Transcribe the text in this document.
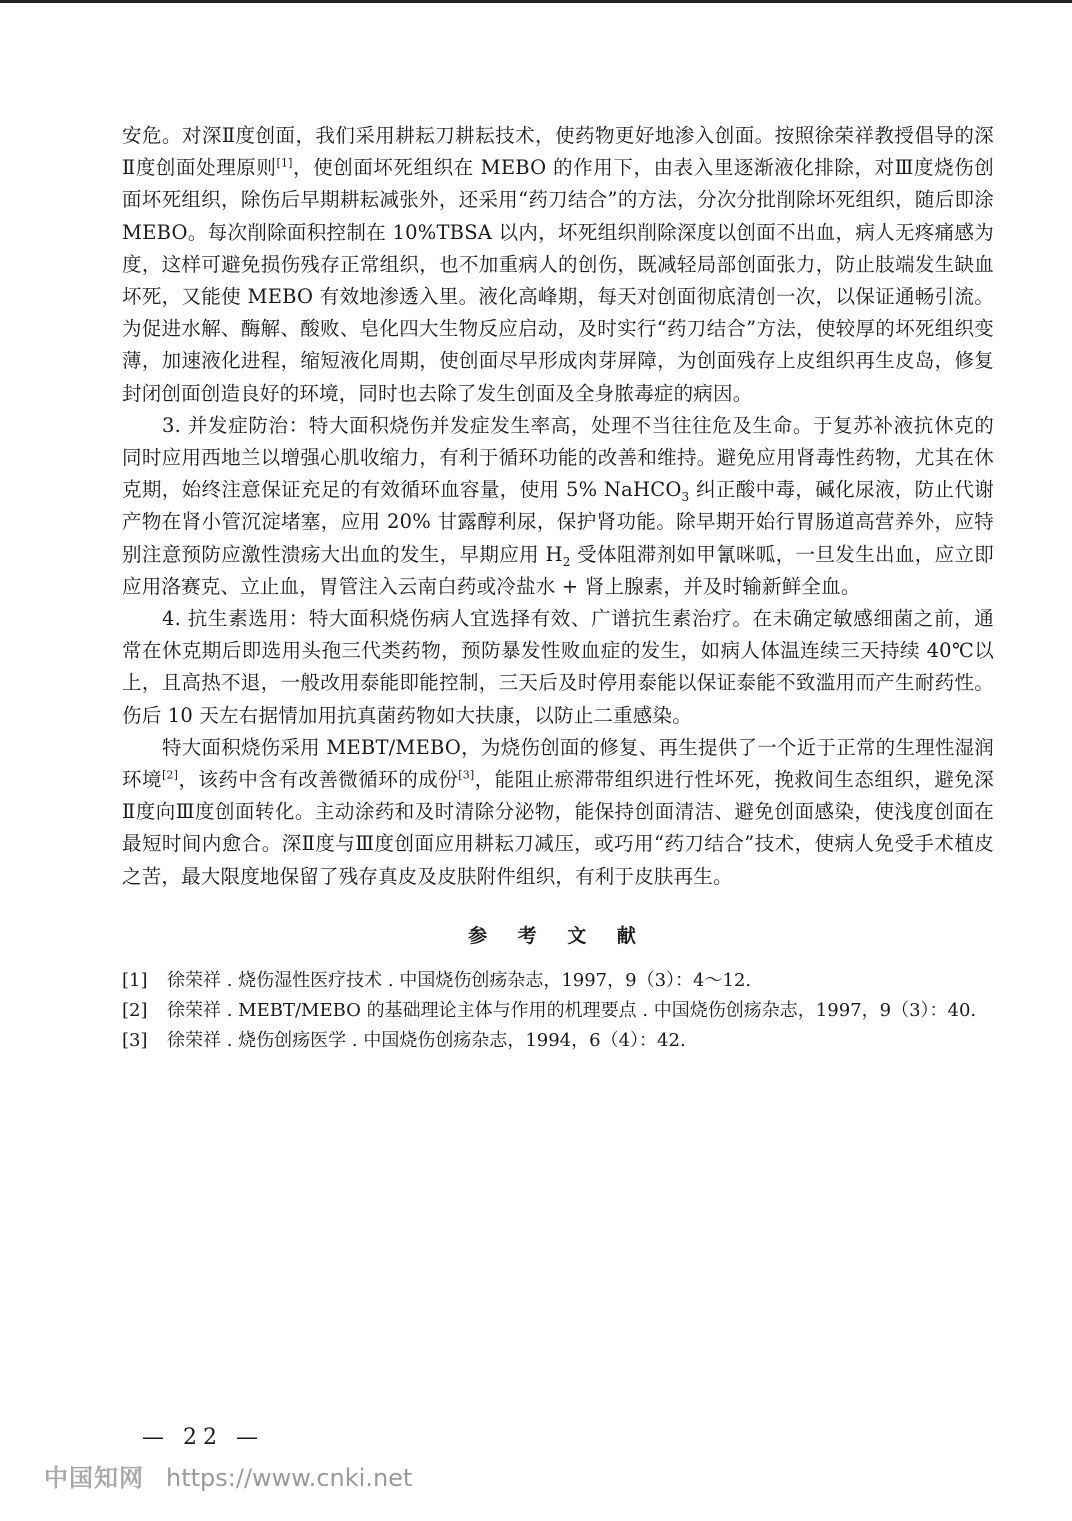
安危。对深Ⅱ度创面，我们采用耕耘刀耕耘技术，使药物更好地渗入创面。按照徐荣祥教授倡导的深Ⅱ度创面处理原则[1]，使创面坏死组织在 MEBO 的作用下，由表入里逐渐液化排除，对Ⅲ度烧伤创面坏死组织，除伤后早期耕耘减张外，还采用“药刀结合”的方法，分次分批削除坏死组织，随后即涂 MEBO。每次削除面积控制在 10%TBSA 以内，坏死组织削除深度以创面不出血，病人无疼痛感为度，这样可避免损伤残存正常组织，也不加重病人的创伤，既减轻局部创面张力，防止肢端发生缺血坏死，又能使 MEBO 有效地渗透入里。液化高峰期，每天对创面彻底清创一次，以保证通畅引流。为促进水解、酶解、酸败、皂化四大生物反应启动，及时实行“药刀结合”方法，使较厚的坏死组织变薄，加速液化进程，缩短液化周期，使创面尽早形成肉芽屏障，为创面残存上皮组织再生皮岛，修复封闭创面创造良好的环境，同时也去除了发生创面及全身脓毒症的病因。

3. 并发症防治：特大面积烧伤并发症发生率高，处理不当往往危及生命。于复苏补液抗休克的同时应用西地兰以增强心肌收缩力，有利于循环功能的改善和维持。避免应用肾毒性药物，尤其在休克期，始终注意保证充足的有效循环血容量，使用 5% NaHCO$_3$ 纠正酸中毒，碱化尿液，防止代谢产物在肾小管沉淀堵塞，应用 20% 甘露醇利尿，保护肾功能。除早期开始行胃肠道高营养外，应特别注意预防应激性溃疡大出血的发生，早期应用 $H_2$ 受体阻滞剂如甲氰咪呱，一旦发生出血，应立即应用洛赛克、立止血，胃管注入云南白药或冷盐水 + 肾上腺素，并及时输新鲜全血。

4. 抗生素选用：特大面积烧伤病人宜选择有效、广谱抗生素治疗。在未确定敏感细菌之前，通常在休克期后即选用头孢三代类药物，预防暴发性败血症的发生，如病人体温连续三天持续 40℃以上，且高热不退，一般改用泰能即能控制，三天后及时停用泰能以保证泰能不致滥用而产生耐药性。伤后 10 天左右据情加用抗真菌药物如大扶康，以防止二重感染。

特大面积烧伤采用 MEBT/MEBO，为烧伤创面的修复、再生提供了一个近于正常的生理性湿润环境[2]，该药中含有改善微循环的成份[3]，能阻止瘀滞带组织进行性坏死，挽救间生态组织，避免深Ⅱ度向Ⅲ度创面转化。主动涂药和及时清除分泌物，能保持创面清洁、避免创面感染，使浅度创面在最短时间内愈合。深Ⅱ度与Ⅲ度创面应用耕耘刀减压，或巧用“药刀结合”技术，使病人免受手术植皮之苦，最大限度地保留了残存真皮及皮肤附件组织，有利于皮肤再生。

参 考 文 献

[1] 徐荣祥 . 烧伤湿性医疗技术 . 中国烧伤创疡杂志，1997，9（3）：4～12.

[2] 徐荣祥 . MEBT/MEBO 的基础理论主体与作用的机理要点 . 中国烧伤创疡杂志，1997，9（3）：40.

[3] 徐荣祥 . 烧伤创疡医学 . 中国烧伤创疡杂志，1994，6（4）：42.

— 22 —
中国知网 https://www.cnki.net
